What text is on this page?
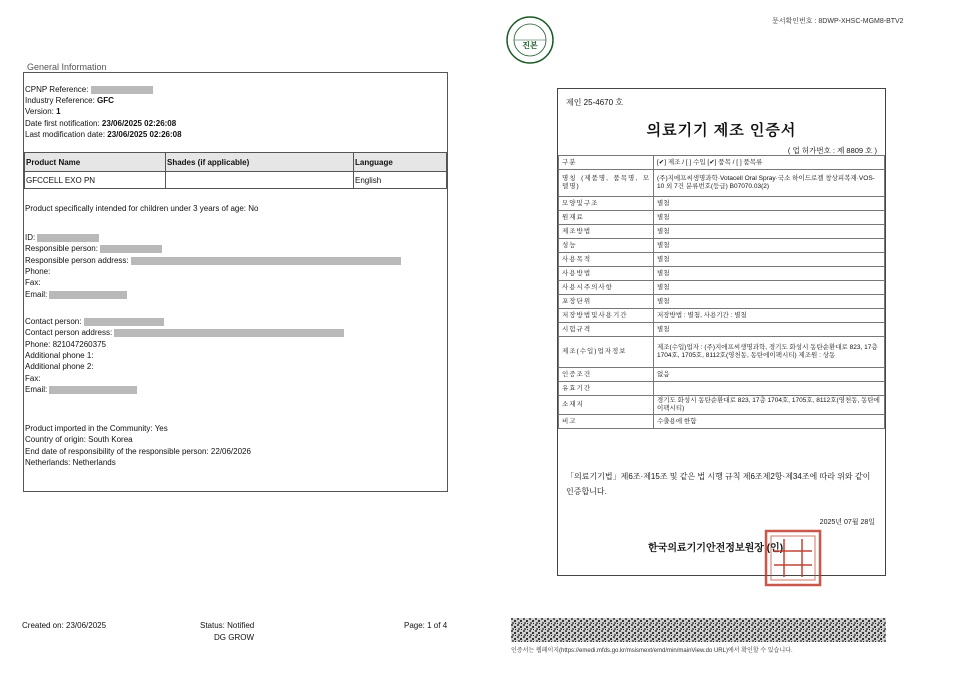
General Information
CPNP Reference:
Industry Reference: GFC
Version: 1
Date first notification: 23/06/2025 02:26:08
Last modification date: 23/06/2025 02:26:08
Product Name	Shades (if applicable)	Language
GFCCELL EXO PN		English
Product specifically intended for children under 3 years of age: No
ID:
Responsible person:
Responsible person address:
Phone:
Fax:
Email:
Contact person:
Contact person address:
Phone: 821047260375
Additional phone 1:
Additional phone 2:
Fax:
Email:
Product imported in the Community: Yes
Country of origin: South Korea
End date of responsibility of the responsible person: 22/06/2026
Netherlands: Netherlands
Created on: 23/06/2025	Status: Notified
DG GROW
Page: 1 of 4
문서확인번호 : 8DWP-XHSC-MGM8-BTV2
진본
제인 25-4670 호
의료기기 제조 인증서
( 업 허가번호 : 제 8809 호 )
구분	[✔] 제조 / [ ] 수입 [✔] 품목 / [ ] 품목류
명칭 (제품명, 품목명, 모델명)	(주)지에프씨생명과학·Votacell Oral Spray·국소 하이드로겔 창상피복재·VOS-10 외 7건 분류번호(등급) B07070.03(2)
모양및구조	별첨
원재료	별첨
제조방법	별첨
성능	별첨
사용목적	별첨
사용방법	별첨
사용시주의사항	별첨
포장단위	별첨
저장방법및사용기간	저장방법 : 별첨, 사용기간 : 별첨
시험규격	별첨
제조(수입)업자정보	제조(수입)업자 : (주)지에프씨생명과학, 경기도 화성시 동탄순환대로 823, 17층 1704호, 1705호, 8112호(영천동, 동탄에이팩시티) 제조원 : 상동
인증조건	없음
유효기간	
소재지	경기도 화성시 동탄순환대로 823, 17층 1704호, 1705호, 8112호(영천동, 동탄에이팩시티)
비고	수출용에 한함
「의료기기법」제6조·제15조 및 같은 법 시행 규칙 제6조제2항·제34조에 따라 위와 같이 인증합니다.
2025년 07월 28일
한국의료기기안전정보원장 (인)
인증서는 웹페이지(https://emedi.mfds.go.kr/msismext/emd/min/mainView.do URL)에서 확인할 수 있습니다.
